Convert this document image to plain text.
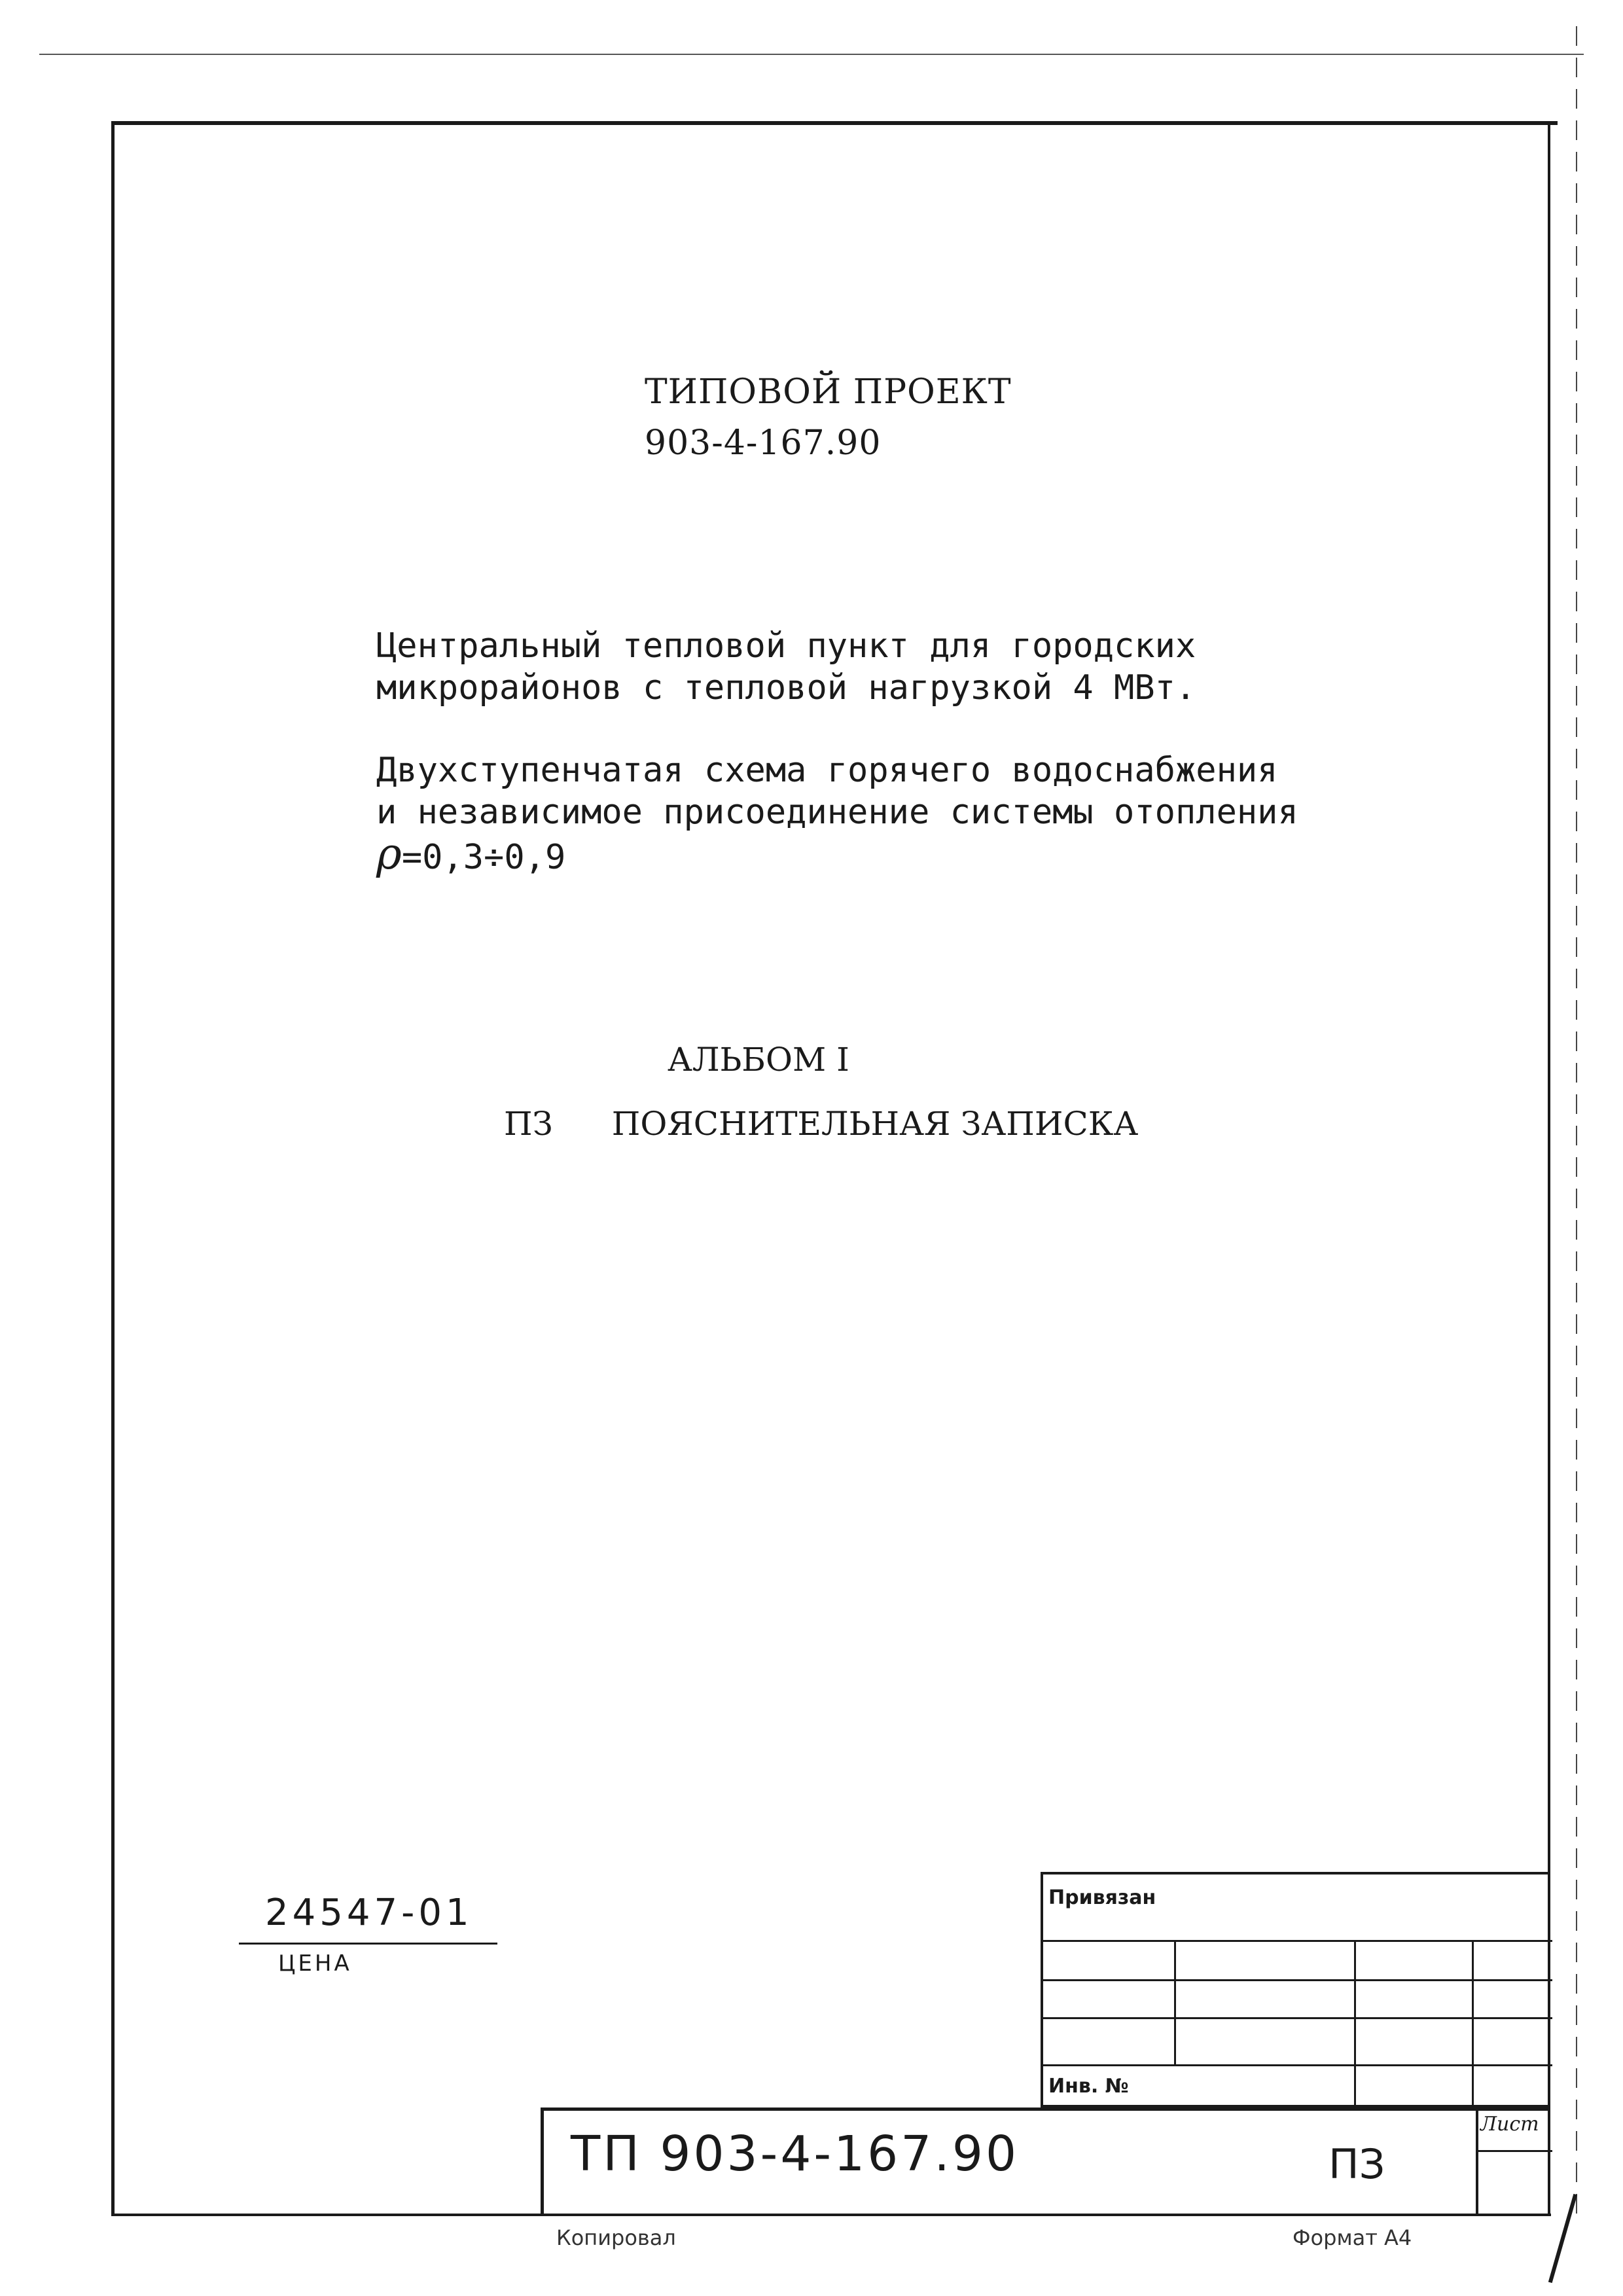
ТИПОВОЙ ПРОЕКТ
903-4-167.90

Центральный тепловой пункт для городских

микрорайонов с тепловой нагрузкой 4 МВт.

Двухступенчатая схема горячего водоснабжения

и независимое присоединение системы отопления

ρ=0,3÷0,9

АЛЬБОМ I
ПЗ ПОЯСНИТЕЛЬНАЯ ЗАПИСКА
24547-01
ЦЕНА
Привязан
Инв. №
ТП 903-4-167.90	ПЗ
Лист
Копировал	Формат А4
